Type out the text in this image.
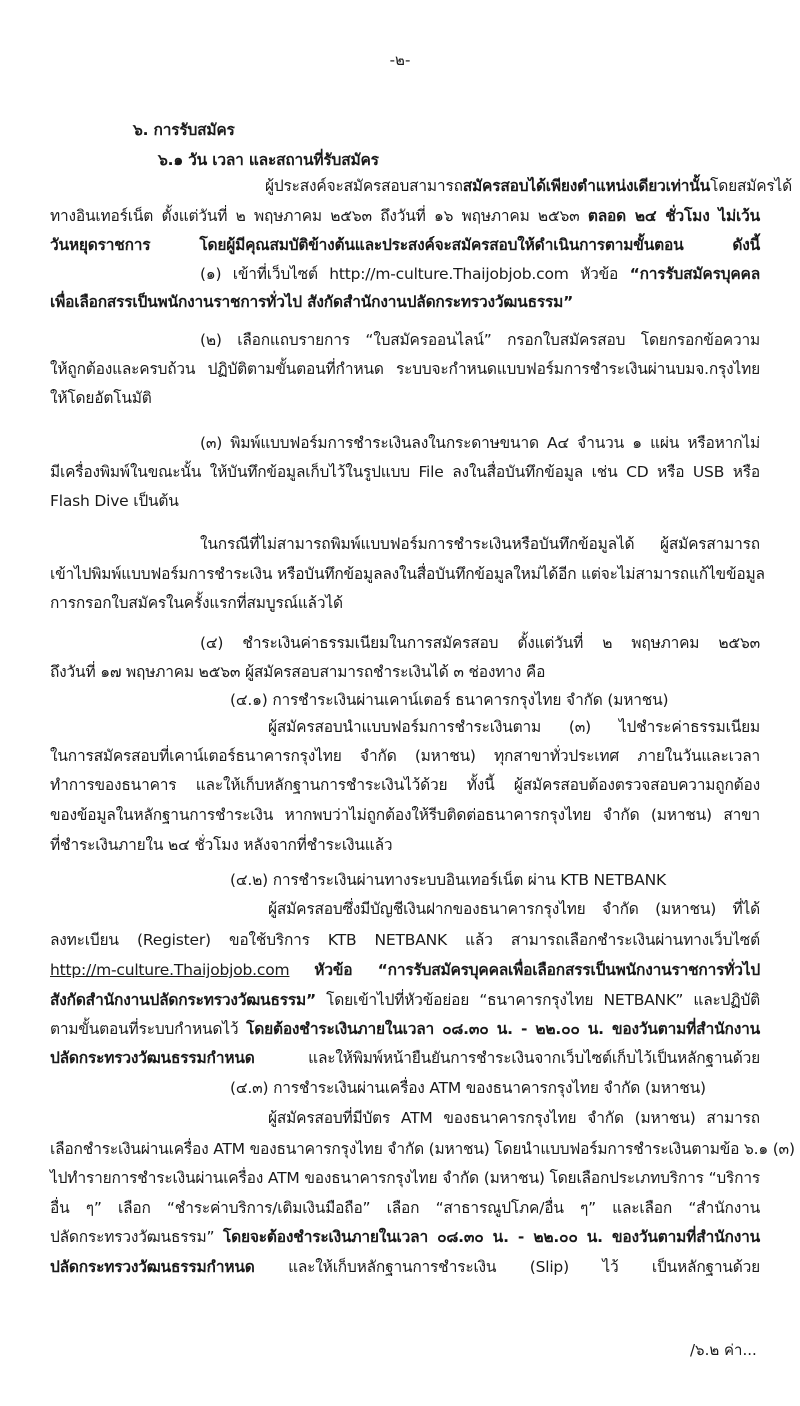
-๒-
๖. การรับสมัคร
๖.๑ วัน เวลา และสถานที่รับสมัคร
ผู้ประสงค์จะสมัครสอบสามารถสมัครสอบได้เพียงตำแหน่งเดียวเท่านั้นโดยสมัครได้
ทางอินเทอร์เน็ต ตั้งแต่วันที่ ๒ พฤษภาคม ๒๕๖๓ ถึงวันที่ ๑๖ พฤษภาคม ๒๕๖๓ ตลอด ๒๔ ชั่วโมง ไม่เว้น
วันหยุดราชการ	โดยผู้มีคุณสมบัติข้างต้นและประสงค์จะสมัครสอบให้ดำเนินการตามขั้นตอน ดังนี้
(๑) เข้าที่เว็บไซต์ http://m-culture.Thaijobjob.com หัวข้อ “การรับสมัครบุคคล
เพื่อเลือกสรรเป็นพนักงานราชการทั่วไป สังกัดสำนักงานปลัดกระทรวงวัฒนธรรม”
(๒) เลือกแถบรายการ “ใบสมัครออนไลน์” กรอกใบสมัครสอบ โดยกรอกข้อความ
ให้ถูกต้องและครบถ้วน ปฏิบัติตามขั้นตอนที่กำหนด ระบบจะกำหนดแบบฟอร์มการชำระเงินผ่านบมจ.กรุงไทย
ให้โดยอัตโนมัติ
(๓) พิมพ์แบบฟอร์มการชำระเงินลงในกระดาษขนาด A๔ จำนวน ๑ แผ่น หรือหากไม่
มีเครื่องพิมพ์ในขณะนั้น ให้บันทึกข้อมูลเก็บไว้ในรูปแบบ File ลงในสื่อบันทึกข้อมูล เช่น CD หรือ USB หรือ
Flash Dive เป็นต้น
ในกรณีที่ไม่สามารถพิมพ์แบบฟอร์มการชำระเงินหรือบันทึกข้อมูลได้ ผู้สมัครสามารถ
เข้าไปพิมพ์แบบฟอร์มการชำระเงิน หรือบันทึกข้อมูลลงในสื่อบันทึกข้อมูลใหม่ได้อีก แต่จะไม่สามารถแก้ไขข้อมูล
การกรอกใบสมัครในครั้งแรกที่สมบูรณ์แล้วได้
(๔) ชำระเงินค่าธรรมเนียมในการสมัครสอบ ตั้งแต่วันที่ ๒ พฤษภาคม ๒๕๖๓
ถึงวันที่ ๑๗ พฤษภาคม ๒๕๖๓ ผู้สมัครสอบสามารถชำระเงินได้ ๓ ช่องทาง คือ
(๔.๑) การชำระเงินผ่านเคาน์เตอร์ ธนาคารกรุงไทย จำกัด (มหาชน)
ผู้สมัครสอบนำแบบฟอร์มการชำระเงินตาม (๓) ไปชำระค่าธรรมเนียม
ในการสมัครสอบที่เคาน์เตอร์ธนาคารกรุงไทย จำกัด (มหาชน) ทุกสาขาทั่วประเทศ ภายในวันและเวลา
ทำการของธนาคาร และให้เก็บหลักฐานการชำระเงินไว้ด้วย ทั้งนี้ ผู้สมัครสอบต้องตรวจสอบความถูกต้อง
ของข้อมูลในหลักฐานการชำระเงิน หากพบว่าไม่ถูกต้องให้รีบติดต่อธนาคารกรุงไทย จำกัด (มหาชน) สาขา
ที่ชำระเงินภายใน ๒๔ ชั่วโมง หลังจากที่ชำระเงินแล้ว
(๔.๒) การชำระเงินผ่านทางระบบอินเทอร์เน็ต ผ่าน KTB NETBANK
ผู้สมัครสอบซึ่งมีบัญชีเงินฝากของธนาคารกรุงไทย จำกัด (มหาชน) ที่ได้
ลงทะเบียน (Register) ขอใช้บริการ KTB NETBANK แล้ว สามารถเลือกชำระเงินผ่านทางเว็บไซต์
http://m-culture.Thaijobjob.com หัวข้อ “การรับสมัครบุคคลเพื่อเลือกสรรเป็นพนักงานราชการทั่วไป
สังกัดสำนักงานปลัดกระทรวงวัฒนธรรม” โดยเข้าไปที่หัวข้อย่อย “ธนาคารกรุงไทย NETBANK” และปฏิบัติ
ตามขั้นตอนที่ระบบกำหนดไว้ โดยต้องชำระเงินภายในเวลา ๐๘.๓๐ น. - ๒๒.๐๐ น. ของวันตามที่สำนักงาน
ปลัดกระทรวงวัฒนธรรมกำหนด	และให้พิมพ์หน้ายืนยันการชำระเงินจากเว็บไซต์เก็บไว้เป็นหลักฐานด้วย
(๔.๓) การชำระเงินผ่านเครื่อง ATM ของธนาคารกรุงไทย จำกัด (มหาชน)
ผู้สมัครสอบที่มีบัตร ATM ของธนาคารกรุงไทย จำกัด (มหาชน) สามารถ
เลือกชำระเงินผ่านเครื่อง ATM ของธนาคารกรุงไทย จำกัด (มหาชน) โดยนำแบบฟอร์มการชำระเงินตามข้อ ๖.๑ (๓)
ไปทำรายการชำระเงินผ่านเครื่อง ATM ของธนาคารกรุงไทย จำกัด (มหาชน) โดยเลือกประเภทบริการ “บริการ
อื่น ๆ” เลือก “ชำระค่าบริการ/เติมเงินมือถือ” เลือก “สาธารณูปโภค/อื่น ๆ” และเลือก “สำนักงาน
ปลัดกระทรวงวัฒนธรรม” โดยจะต้องชำระเงินภายในเวลา ๐๘.๓๐ น. - ๒๒.๐๐ น. ของวันตามที่สำนักงาน
ปลัดกระทรวงวัฒนธรรมกำหนด และให้เก็บหลักฐานการชำระเงิน (Slip) ไว้ เป็นหลักฐานด้วย
/๖.๒ ค่า...
